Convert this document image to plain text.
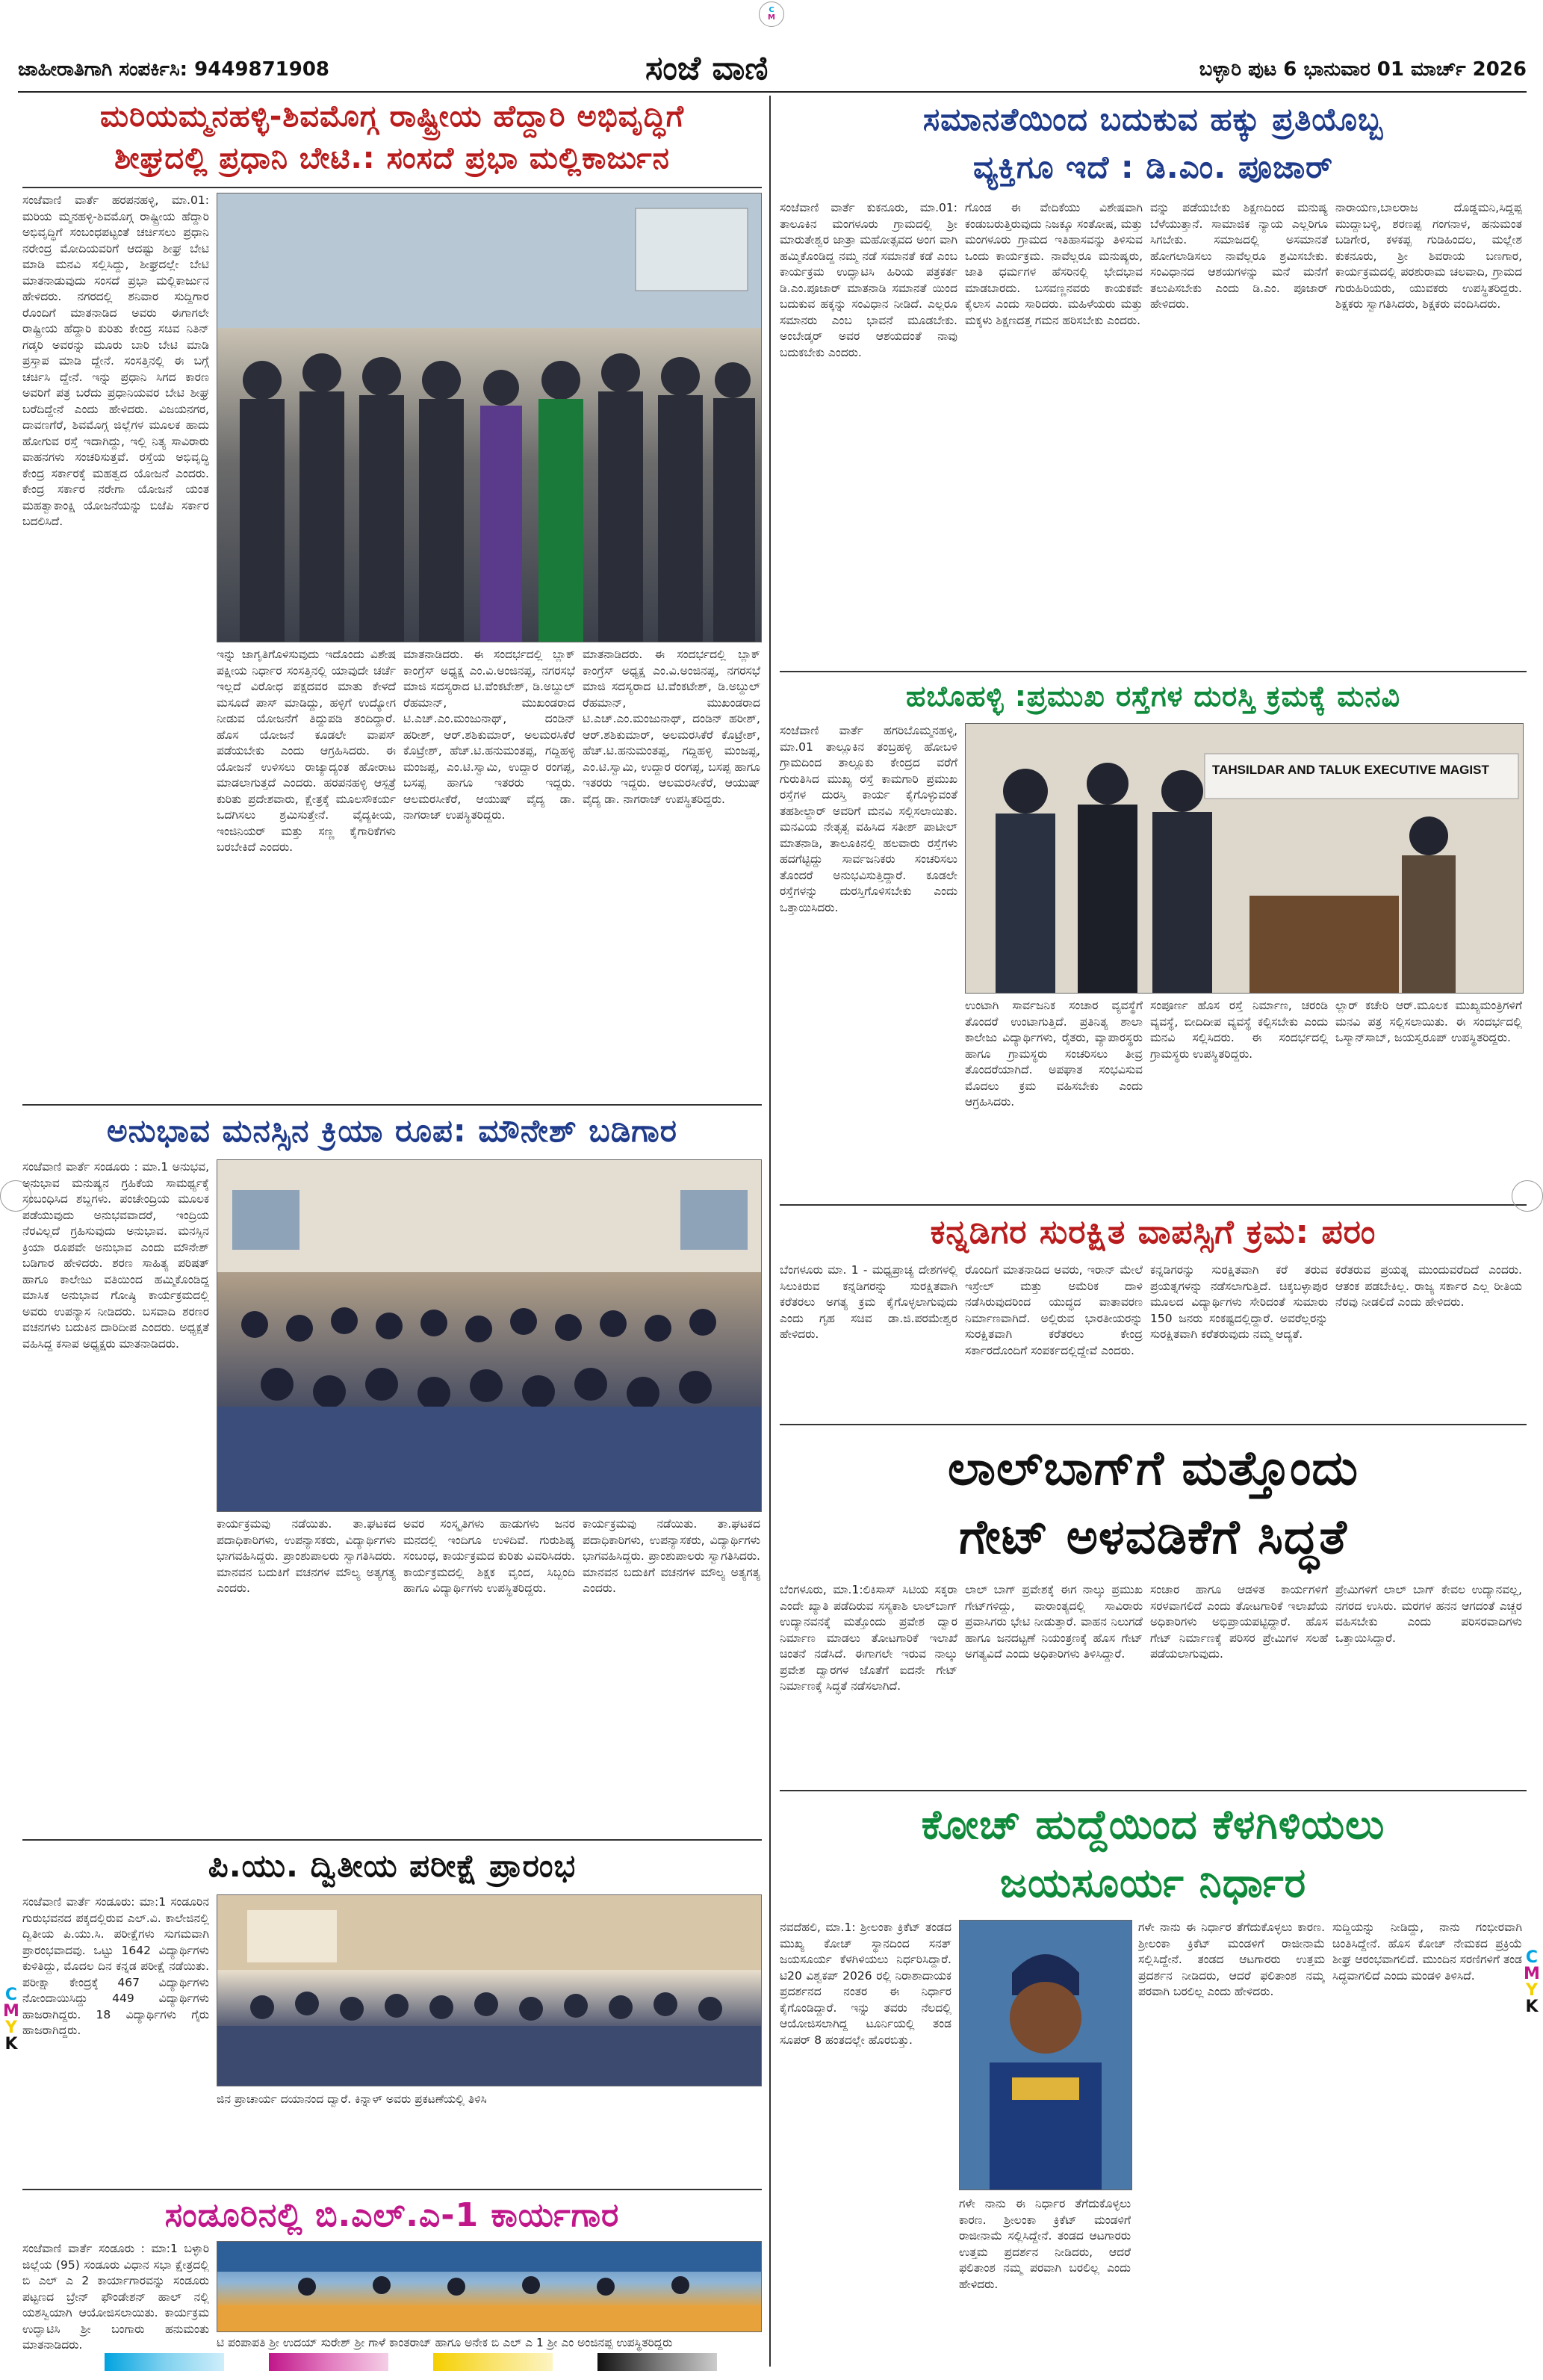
C
M
ಜಾಹೀರಾತಿಗಾಗಿ ಸಂಪರ್ಕಿಸಿ: 9449871908	ಸಂಜೆ ವಾಣಿ	ಬಳ್ಳಾರಿ ಪುಟ 6 ಭಾನುವಾರ 01 ಮಾರ್ಚ್ 2026
ಮರಿಯಮ್ಮನಹಳ್ಳಿ-ಶಿವಮೊಗ್ಗ ರಾಷ್ಟ್ರೀಯ ಹೆದ್ದಾರಿ ಅಭಿವೃದ್ಧಿಗೆ
ಶೀಘ್ರದಲ್ಲಿ ಪ್ರಧಾನಿ ಬೇಟಿ.: ಸಂಸದೆ ಪ್ರಭಾ ಮಲ್ಲಿಕಾರ್ಜುನ

ಸಂಜೆವಾಣಿ ವಾರ್ತೆ ಹರಪನಹಳ್ಳಿ, ಮಾ.01: ಮರಿಯ ಮ್ಮನಹಳ್ಳಿ-ಶಿವಮೊಗ್ಗ ರಾಷ್ಟ್ರೀಯ ಹೆದ್ದಾರಿ ಅಭಿವೃದ್ಧಿಗೆ ಸಂಬಂಧಪಟ್ಟಂತೆ ಚರ್ಚಿಸಲು ಪ್ರಧಾನಿ ನರೇಂದ್ರ ಮೋದಿಯವರಿಗೆ ಆದಷ್ಟು ಶೀಘ್ರ ಬೇಟಿ ಮಾಡಿ ಮನವಿ ಸಲ್ಲಿಸಿದ್ದು, ಶೀಘ್ರದಲ್ಲೇ ಬೇಟಿ ಮಾತನಾಡುವುದು ಸಂಸದೆ ಪ್ರಭಾ ಮಲ್ಲಿಕಾರ್ಜುನ ಹೇಳಿದರು. ನಗರದಲ್ಲಿ ಶನಿವಾರ ಸುದ್ದಿಗಾರ ರೊಂದಿಗೆ ಮಾತನಾಡಿದ ಅವರು ಈಗಾಗಲೇ ರಾಷ್ಟ್ರೀಯ ಹೆದ್ದಾರಿ ಕುರಿತು ಕೇಂದ್ರ ಸಚಿವ ನಿತಿನ್ ಗಡ್ಕರಿ ಅವರನ್ನು ಮೂರು ಬಾರಿ ಬೇಟಿ ಮಾಡಿ ಪ್ರಸ್ತಾಪ ಮಾಡಿ ದ್ದೇನೆ. ಸಂಸತ್ತಿನಲ್ಲಿ ಈ ಬಗ್ಗೆ ಚರ್ಚಿಸಿ ದ್ದೇನೆ. ಇನ್ನು ಪ್ರಧಾನಿ ಸಿಗದ ಕಾರಣ ಅವರಿಗೆ ಪತ್ರ ಬರೆದು ಪ್ರಧಾನಿಯವರ ಬೇಟಿ ಶೀಘ್ರ ಬರೆದಿದ್ದೇನೆ ಎಂದು ಹೇಳಿದರು. ವಿಜಯನಗರ, ದಾವಣಗೆರೆ, ಶಿವಮೊಗ್ಗ ಜಿಲ್ಲೆಗಳ ಮೂಲಕ ಹಾದು ಹೋಗುವ ರಸ್ತೆ ಇದಾಗಿದ್ದು, ಇಲ್ಲಿ ನಿತ್ಯ ಸಾವಿರಾರು ವಾಹನಗಳು ಸಂಚರಿಸುತ್ತವೆ. ರಸ್ತೆಯ ಅಭಿವೃದ್ಧಿ ಕೇಂದ್ರ ಸರ್ಕಾರಕ್ಕೆ ಮಹತ್ವದ ಯೋಜನೆ ಎಂದರು. ಕೇಂದ್ರ ಸರ್ಕಾರ ನರೇಗಾ ಯೋಜನೆ ಯಂತ ಮಹತ್ವಾಕಾಂಕ್ಷಿ ಯೋಜನೆಯನ್ನು ಬಿಜೆಪಿ ಸರ್ಕಾರ ಬದಲಿಸಿದೆ.

ಇನ್ನು ಜಾಗೃತಿಗೊಳಿಸುವುದು ಇದೊಂದು ವಿಶೇಷ ಪಕ್ಷೀಯ ನಿರ್ಧಾರ ಸಂಸತ್ತಿನಲ್ಲಿ ಯಾವುದೇ ಚರ್ಚೆ ಇಲ್ಲದೆ ವಿರೋಧ ಪಕ್ಷದವರ ಮಾತು ಕೇಳದೆ ಮಸೂದೆ ಪಾಸ್ ಮಾಡಿದ್ದು, ಹಳ್ಳಿಗೆ ಉದ್ಯೋಗ ನೀಡುವ ಯೋಜನೆಗೆ ತಿದ್ದುಪಡಿ ತಂದಿದ್ದಾರೆ. ಹೊಸ ಯೋಜನೆ ಕೂಡಲೇ ವಾಪಸ್ ಪಡೆಯಬೇಕು ಎಂದು ಆಗ್ರಹಿಸಿದರು. ಈ ಯೋಜನೆ ಉಳಿಸಲು ರಾಜ್ಯಾದ್ಯಂತ ಹೋರಾಟ ಮಾಡಲಾಗುತ್ತದೆ ಎಂದರು. ಹರಪನಹಳ್ಳಿ ಆಸ್ಪತ್ರೆ ಕುರಿತು ಪ್ರದೇಶವಾರು, ಕ್ಷೇತ್ರಕ್ಕೆ ಮೂಲಸೌಕರ್ಯ ಒದಗಿಸಲು ಶ್ರಮಿಸುತ್ತೇನೆ. ವೈದ್ಯಕೀಯ, ಇಂಜಿನಿಯರ್ ಮತ್ತು ಸಣ್ಣ ಕೈಗಾರಿಕೆಗಳು ಬರಬೇಕಿದೆ ಎಂದರು.

ಮಾತನಾಡಿದರು. ಈ ಸಂದರ್ಭದಲ್ಲಿ ಬ್ಲಾಕ್ ಕಾಂಗ್ರೆಸ್ ಅಧ್ಯಕ್ಷ ಎಂ.ವಿ.ಅಂಜಿನಪ್ಪ, ನಗರಸಭೆ ಮಾಜಿ ಸದಸ್ಯರಾದ ಟಿ.ವೆಂಕಟೇಶ್, ಡಿ.ಅಬ್ದುಲ್ ರೆಹಮಾನ್, ಮುಖಂಡರಾದ ಟಿ.ಎಚ್.ಎಂ.ಮಂಜುನಾಥ್, ದಂಡಿನ್ ಹರೀಶ್, ಆರ್.ಶಶಿಕುಮಾರ್, ಅಲಮರಸಿಕೆರೆ ಕೊಟ್ರೇಶ್, ಹೆಚ್.ಟಿ.ಹನುಮಂತಪ್ಪ, ಗದ್ದಿಹಳ್ಳಿ ಮಂಜಪ್ಪ, ಎಂ.ಟಿ.ಸ್ವಾಮಿ, ಉದ್ದಾರ ರಂಗಪ್ಪ, ಬಸಪ್ಪ ಹಾಗೂ ಇತರರು ಇದ್ದರು. ಆಲಮರಸೀಕೆರೆ, ಆಯುಷ್ ವೈದ್ಯ ಡಾ. ನಾಗರಾಜ್ ಉಪಸ್ಥಿತರಿದ್ದರು.

ಮಾತನಾಡಿದರು. ಈ ಸಂದರ್ಭದಲ್ಲಿ ಬ್ಲಾಕ್ ಕಾಂಗ್ರೆಸ್ ಅಧ್ಯಕ್ಷ ಎಂ.ವಿ.ಅಂಜಿನಪ್ಪ, ನಗರಸಭೆ ಮಾಜಿ ಸದಸ್ಯರಾದ ಟಿ.ವೆಂಕಟೇಶ್, ಡಿ.ಅಬ್ದುಲ್ ರೆಹಮಾನ್, ಮುಖಂಡರಾದ ಟಿ.ಎಚ್.ಎಂ.ಮಂಜುನಾಥ್, ದಂಡಿನ್ ಹರೀಶ್, ಆರ್.ಶಶಿಕುಮಾರ್, ಅಲಮರಸಿಕೆರೆ ಕೊಟ್ರೇಶ್, ಹೆಚ್.ಟಿ.ಹನುಮಂತಪ್ಪ, ಗದ್ದಿಹಳ್ಳಿ ಮಂಜಪ್ಪ, ಎಂ.ಟಿ.ಸ್ವಾಮಿ, ಉದ್ದಾರ ರಂಗಪ್ಪ, ಬಸಪ್ಪ ಹಾಗೂ ಇತರರು ಇದ್ದರು. ಆಲಮರಸೀಕೆರೆ, ಆಯುಷ್ ವೈದ್ಯ ಡಾ. ನಾಗರಾಜ್ ಉಪಸ್ಥಿತರಿದ್ದರು.

ಅನುಭಾವ ಮನಸ್ಸಿನ ಕ್ರಿಯಾ ರೂಪ: ಮೌನೇಶ್ ಬಡಿಗಾರ

ಸಂಜೆವಾಣಿ ವಾರ್ತೆ ಸಂಡೂರು : ಮಾ.1 ಅನುಭವ, ಅನುಭಾವ ಮನುಷ್ಯನ ಗ್ರಹಿಕೆಯ ಸಾಮರ್ಥ್ಯಕ್ಕೆ ಸಂಬಂಧಿಸಿದ ಶಬ್ದಗಳು. ಪಂಚೇಂದ್ರಿಯ ಮೂಲಕ ಪಡೆಯುವುದು ಅನುಭವವಾದರೆ, ಇಂದ್ರಿಯ ನೆರವಿಲ್ಲದೆ ಗ್ರಹಿಸುವುದು ಅನುಭಾವ. ಮನಸ್ಸಿನ ಕ್ರಿಯಾ ರೂಪವೇ ಅನುಭಾವ ಎಂದು ಮೌನೇಶ್ ಬಡಿಗಾರ ಹೇಳಿದರು. ಶರಣ ಸಾಹಿತ್ಯ ಪರಿಷತ್ ಹಾಗೂ ಕಾಲೇಜು ವತಿಯಿಂದ ಹಮ್ಮಿಕೊಂಡಿದ್ದ ಮಾಸಿಕ ಅನುಭಾವ ಗೋಷ್ಠಿ ಕಾರ್ಯಕ್ರಮದಲ್ಲಿ ಅವರು ಉಪನ್ಯಾಸ ನೀಡಿದರು. ಬಸವಾದಿ ಶರಣರ ವಚನಗಳು ಬದುಕಿನ ದಾರಿದೀಪ ಎಂದರು. ಅಧ್ಯಕ್ಷತೆ ವಹಿಸಿದ್ದ ಕಸಾಪ ಅಧ್ಯಕ್ಷರು ಮಾತನಾಡಿದರು.

ಕಾರ್ಯಕ್ರಮವು ನಡೆಯಿತು. ತಾ.ಘಟಕದ ಪದಾಧಿಕಾರಿಗಳು, ಉಪನ್ಯಾಸಕರು, ವಿದ್ಯಾರ್ಥಿಗಳು ಭಾಗವಹಿಸಿದ್ದರು. ಪ್ರಾಂಶುಪಾಲರು ಸ್ವಾಗತಿಸಿದರು. ಮಾನವನ ಬದುಕಿಗೆ ವಚನಗಳ ಮೌಲ್ಯ ಅತ್ಯಗತ್ಯ ಎಂದರು.

ಅವರ ಸಂಸ್ಕೃತಿಗಳು ಹಾಡುಗಳು ಜನರ ಮನದಲ್ಲಿ ಇಂದಿಗೂ ಉಳಿದಿವೆ. ಗುರುಶಿಷ್ಯ ಸಂಬಂಧ, ಕಾರ್ಯಕ್ರಮದ ಕುರಿತು ವಿವರಿಸಿದರು. ಕಾರ್ಯಕ್ರಮದಲ್ಲಿ ಶಿಕ್ಷಕ ವೃಂದ, ಸಿಬ್ಬಂದಿ ಹಾಗೂ ವಿದ್ಯಾರ್ಥಿಗಳು ಉಪಸ್ಥಿತರಿದ್ದರು.

ಕಾರ್ಯಕ್ರಮವು ನಡೆಯಿತು. ತಾ.ಘಟಕದ ಪದಾಧಿಕಾರಿಗಳು, ಉಪನ್ಯಾಸಕರು, ವಿದ್ಯಾರ್ಥಿಗಳು ಭಾಗವಹಿಸಿದ್ದರು. ಪ್ರಾಂಶುಪಾಲರು ಸ್ವಾಗತಿಸಿದರು. ಮಾನವನ ಬದುಕಿಗೆ ವಚನಗಳ ಮೌಲ್ಯ ಅತ್ಯಗತ್ಯ ಎಂದರು.

ಪಿ.ಯು. ದ್ವಿತೀಯ ಪರೀಕ್ಷೆ ಪ್ರಾರಂಭ

ಸಂಜೆವಾಣಿ ವಾರ್ತೆ ಸಂಡೂರು: ಮಾ:1 ಸಂಡೂರಿನ ಗುರುಭವನದ ಪಕ್ಕದಲ್ಲಿರುವ ಎಲ್.ವಿ. ಕಾಲೇಜಿನಲ್ಲಿ ದ್ವಿತೀಯ ಪಿ.ಯು.ಸಿ. ಪರೀಕ್ಷೆಗಳು ಸುಗಮವಾಗಿ ಪ್ರಾರಂಭವಾದವು. ಒಟ್ಟು 1642 ವಿದ್ಯಾರ್ಥಿಗಳು ಕುಳಿತಿದ್ದು, ಮೊದಲ ದಿನ ಕನ್ನಡ ಪರೀಕ್ಷೆ ನಡೆಯಿತು. ಪರೀಕ್ಷಾ ಕೇಂದ್ರಕ್ಕೆ 467 ವಿದ್ಯಾರ್ಥಿಗಳು ನೋಂದಾಯಿಸಿದ್ದು 449 ವಿದ್ಯಾರ್ಥಿಗಳು ಹಾಜರಾಗಿದ್ದರು. 18 ವಿದ್ಯಾರ್ಥಿಗಳು ಗೈರು ಹಾಜರಾಗಿದ್ದರು.

ಜಿನ ಪ್ರಾಚಾರ್ಯ ದಯಾನಂದ ದ್ವಾರೆ. ಕಿನ್ನಾಳ್ ಅವರು ಪ್ರಕಟಣೆಯಲ್ಲಿ ತಿಳಿಸಿ

ಸಂಡೂರಿನಲ್ಲಿ ಬಿ.ಎಲ್.ಎ-1 ಕಾರ್ಯಗಾರ

ಸಂಜೆವಾಣಿ ವಾರ್ತೆ ಸಂಡೂರು : ಮಾ:1 ಬಳ್ಳಾರಿ ಜಿಲ್ಲೆಯ (95) ಸಂಡೂರು ವಿಧಾನ ಸಭಾ ಕ್ಷೇತ್ರದಲ್ಲಿ ಬಿ ಎಲ್ ಎ 2 ಕಾರ್ಯಾಗಾರವನ್ನು ಸಂಡೂರು ಪಟ್ಟಣದ ಬ್ರೇನ್ ಫೌಂಡೇಶನ್ ಹಾಲ್ ನಲ್ಲಿ ಯಶಸ್ವಿಯಾಗಿ ಆಯೋಜಿಸಲಾಯಿತು. ಕಾರ್ಯಕ್ರಮ ಉದ್ಘಾಟಿಸಿ ಶ್ರೀ ಬಂಗಾರು ಹನುಮಂತು ಮಾತನಾಡಿದರು.	ಟಿ ಪಂಪಾಪತಿ ಶ್ರೀ ಉದಯ್ ಸುರೇಶ್ ಶ್ರೀ ಗಾಳೆ ಕಾಂತರಾಜ್ ಹಾಗೂ ಅನೇಕ ಬಿ ಎಲ್ ಎ 1 ಶ್ರೀ ಎಂ ಅಂಜಿನಪ್ಪ ಉಪಸ್ಥಿತರಿದ್ದರು

ಸಮಾನತೆಯಿಂದ ಬದುಕುವ ಹಕ್ಕು ಪ್ರತಿಯೊಬ್ಬ
ವ್ಯಕ್ತಿಗೂ ಇದೆ : ಡಿ.ಎಂ. ಪೂಜಾರ್

ಸಂಜೆವಾಣಿ ವಾರ್ತೆ ಕುಕನೂರು, ಮಾ.01: ತಾಲೂಕಿನ ಮಂಗಳೂರು ಗ್ರಾಮದಲ್ಲಿ ಶ್ರೀ ಮಾರುತೇಶ್ವರ ಜಾತ್ರಾ ಮಹೋತ್ಸವದ ಅಂಗ ವಾಗಿ ಹಮ್ಮಿಕೊಂಡಿದ್ದ ನಮ್ಮ ನಡೆ ಸಮಾನತೆ ಕಡೆ ಎಂಬ ಕಾರ್ಯಕ್ರಮ ಉದ್ಘಾಟಿಸಿ ಹಿರಿಯ ಪತ್ರಕರ್ತ ಡಿ.ಎಂ.ಪೂಜಾರ್ ಮಾತನಾಡಿ ಸಮಾನತೆ ಯಿಂದ ಬದುಕುವ ಹಕ್ಕನ್ನು ಸಂವಿಧಾನ ನೀಡಿದೆ. ಎಲ್ಲರೂ ಸಮಾನರು ಎಂಬ ಭಾವನೆ ಮೂಡಬೇಕು. ಅಂಬೇಡ್ಕರ್ ಅವರ ಆಶಯದಂತೆ ನಾವು ಬದುಕಬೇಕು ಎಂದರು.

ಗೊಂಡ ಈ ವೇದಿಕೆಯು ವಿಶೇಷವಾಗಿ ಕಂಡುಬರುತ್ತಿರುವುದು ನಿಜಕ್ಕೂ ಸಂತೋಷ, ಮತ್ತು ಮಂಗಳೂರು ಗ್ರಾಮದ ಇತಿಹಾಸವನ್ನು ತಿಳಿಸುವ ಒಂದು ಕಾರ್ಯಕ್ರಮ. ನಾವೆಲ್ಲರೂ ಮನುಷ್ಯರು, ಜಾತಿ ಧರ್ಮಗಳ ಹೆಸರಿನಲ್ಲಿ ಭೇದಭಾವ ಮಾಡಬಾರದು. ಬಸವಣ್ಣನವರು ಕಾಯಕವೇ ಕೈಲಾಸ ಎಂದು ಸಾರಿದರು. ಮಹಿಳೆಯರು ಮತ್ತು ಮಕ್ಕಳು ಶಿಕ್ಷಣದತ್ತ ಗಮನ ಹರಿಸಬೇಕು ಎಂದರು.

ವನ್ನು ಪಡೆಯಬೇಕು ಶಿಕ್ಷಣದಿಂದ ಮನುಷ್ಯ ಬೆಳೆಯುತ್ತಾನೆ. ಸಾಮಾಜಿಕ ನ್ಯಾಯ ಎಲ್ಲರಿಗೂ ಸಿಗಬೇಕು. ಸಮಾಜದಲ್ಲಿ ಅಸಮಾನತೆ ಹೋಗಲಾಡಿಸಲು ನಾವೆಲ್ಲರೂ ಶ್ರಮಿಸಬೇಕು. ಸಂವಿಧಾನದ ಆಶಯಗಳನ್ನು ಮನೆ ಮನೆಗೆ ತಲುಪಿಸಬೇಕು ಎಂದು ಡಿ.ಎಂ. ಪೂಜಾರ್ ಹೇಳಿದರು.

ನಾರಾಯಣ,ಬಾಲರಾಜ ದೊಡ್ಡಮನಿ,ಸಿದ್ದಪ್ಪ ಮುದ್ದಾಬಳ್ಳಿ, ಶರಣಪ್ಪ ಗಂಗನಾಳ, ಹನುಮಂತ ಬಡಿಗೇರ, ಕಳಕಪ್ಪ ಗುಡಿಹಿಂದಲ, ಮಲ್ಲೇಶ ಕುಕನೂರು, ಶ್ರೀ ಶಿವರಾಯ ಬಣಗಾರ, ಕಾರ್ಯಕ್ರಮದಲ್ಲಿ ಪರಶುರಾಮ ಚಲವಾದಿ, ಗ್ರಾಮದ ಗುರುಹಿರಿಯರು, ಯುವಕರು ಉಪಸ್ಥಿತರಿದ್ದರು. ಶಿಕ್ಷಕರು ಸ್ವಾಗತಿಸಿದರು, ಶಿಕ್ಷಕರು ವಂದಿಸಿದರು.

ಹಬೊಹಳ್ಳಿ :ಪ್ರಮುಖ ರಸ್ತೆಗಳ ದುರಸ್ತಿ ಕ್ರಮಕ್ಕೆ ಮನವಿ

ಸಂಜೆವಾಣಿ ವಾರ್ತೆ ಹಗರಿಬೊಮ್ಮನಹಳ್ಳಿ, ಮಾ.01 ತಾಲ್ಲೂಕಿನ ತಂಬ್ರಹಳ್ಳಿ ಹೋಬಳಿ ಗ್ರಾಮದಿಂದ ತಾಲ್ಲೂಕು ಕೇಂದ್ರದ ವರೆಗೆ ಗುರುತಿಸಿದ ಮುಖ್ಯ ರಸ್ತೆ ಕಾಮಗಾರಿ ಪ್ರಮುಖ ರಸ್ತೆಗಳ ದುರಸ್ತಿ ಕಾರ್ಯ ಕೈಗೊಳ್ಳುವಂತೆ ತಹಶೀಲ್ದಾರ್ ಅವರಿಗೆ ಮನವಿ ಸಲ್ಲಿಸಲಾಯಿತು. ಮನವಿಯ ನೇತೃತ್ವ ವಹಿಸಿದ ಸತೀಶ್ ಪಾಟೀಲ್ ಮಾತನಾಡಿ, ತಾಲೂಕಿನಲ್ಲಿ ಹಲವಾರು ರಸ್ತೆಗಳು ಹದಗೆಟ್ಟಿದ್ದು ಸಾರ್ವಜನಿಕರು ಸಂಚರಿಸಲು ತೊಂದರೆ ಅನುಭವಿಸುತ್ತಿದ್ದಾರೆ. ಕೂಡಲೇ ರಸ್ತೆಗಳನ್ನು ದುರಸ್ತಿಗೊಳಿಸಬೇಕು ಎಂದು ಒತ್ತಾಯಿಸಿದರು.

TAHSILDAR AND TALUK EXECUTIVE MAGIST

ಉಂಟಾಗಿ ಸಾರ್ವಜನಿಕ ಸಂಚಾರ ವ್ಯವಸ್ಥೆಗೆ ತೊಂದರೆ ಉಂಟಾಗುತ್ತಿದೆ. ಪ್ರತಿನಿತ್ಯ ಶಾಲಾ ಕಾಲೇಜು ವಿದ್ಯಾರ್ಥಿಗಳು, ರೈತರು, ವ್ಯಾಪಾರಸ್ಥರು ಹಾಗೂ ಗ್ರಾಮಸ್ಥರು ಸಂಚರಿಸಲು ತೀವ್ರ ತೊಂದರೆಯಾಗಿದೆ. ಅಪಘಾತ ಸಂಭವಿಸುವ ಮೊದಲು ಕ್ರಮ ವಹಿಸಬೇಕು ಎಂದು ಆಗ್ರಹಿಸಿದರು.

ಸಂಪೂರ್ಣ ಹೊಸ ರಸ್ತೆ ನಿರ್ಮಾಣ, ಚರಂಡಿ ವ್ಯವಸ್ಥೆ, ಬೀದಿದೀಪ ವ್ಯವಸ್ಥೆ ಕಲ್ಪಿಸಬೇಕು ಎಂದು ಮನವಿ ಸಲ್ಲಿಸಿದರು. ಈ ಸಂದರ್ಭದಲ್ಲಿ ಗ್ರಾಮಸ್ಥರು ಉಪಸ್ಥಿತರಿದ್ದರು.

ಲ್ಲಾರ್ ಕಚೇರಿ ಆರ್.ಮೂಲಕ ಮುಖ್ಯಮಂತ್ರಿಗಳಿಗೆ ಮನವಿ ಪತ್ರ ಸಲ್ಲಿಸಲಾಯಿತು. ಈ ಸಂದರ್ಭದಲ್ಲಿ ಒಸ್ಮಾನ್‌ಸಾಬ್, ಜಯಸ್ವರೂಪ್ ಉಪಸ್ಥಿತರಿದ್ದರು.

ಕನ್ನಡಿಗರ ಸುರಕ್ಷಿತ ವಾಪಸ್ಸಿಗೆ ಕ್ರಮ: ಪರಂ

ಬೆಂಗಳೂರು ಮಾ. 1 - ಮಧ್ಯಪ್ರಾಚ್ಯ ದೇಶಗಳಲ್ಲಿ ಸಿಲುಕಿರುವ ಕನ್ನಡಿಗರನ್ನು ಸುರಕ್ಷಿತವಾಗಿ ಕರೆತರಲು ಅಗತ್ಯ ಕ್ರಮ ಕೈಗೊಳ್ಳಲಾಗುವುದು ಎಂದು ಗೃಹ ಸಚಿವ ಡಾ.ಜಿ.ಪರಮೇಶ್ವರ ಹೇಳಿದರು.

ರೊಂದಿಗೆ ಮಾತನಾಡಿದ ಅವರು, ಇರಾನ್ ಮೇಲೆ ಇಸ್ರೇಲ್ ಮತ್ತು ಅಮೆರಿಕ ದಾಳಿ ನಡೆಸಿರುವುದರಿಂದ ಯುದ್ಧದ ವಾತಾವರಣ ನಿರ್ಮಾಣವಾಗಿದೆ. ಅಲ್ಲಿರುವ ಭಾರತೀಯರನ್ನು ಸುರಕ್ಷಿತವಾಗಿ ಕರೆತರಲು ಕೇಂದ್ರ ಸರ್ಕಾರದೊಂದಿಗೆ ಸಂಪರ್ಕದಲ್ಲಿದ್ದೇವೆ ಎಂದರು.

ಕನ್ನಡಿಗರನ್ನು ಸುರಕ್ಷಿತವಾಗಿ ಕರೆ ತರುವ ಪ್ರಯತ್ನಗಳನ್ನು ನಡೆಸಲಾಗುತ್ತಿದೆ. ಚಿಕ್ಕಬಳ್ಳಾಪುರ ಮೂಲದ ವಿದ್ಯಾರ್ಥಿಗಳು ಸೇರಿದಂತೆ ಸುಮಾರು 150 ಜನರು ಸಂಕಷ್ಟದಲ್ಲಿದ್ದಾರೆ. ಅವರೆಲ್ಲರನ್ನು ಸುರಕ್ಷಿತವಾಗಿ ಕರೆತರುವುದು ನಮ್ಮ ಆದ್ಯತೆ.

ಕರೆತರುವ ಪ್ರಯತ್ನ ಮುಂದುವರೆದಿದೆ ಎಂದರು. ಆತಂಕ ಪಡಬೇಕಿಲ್ಲ. ರಾಜ್ಯ ಸರ್ಕಾರ ಎಲ್ಲ ರೀತಿಯ ನೆರವು ನೀಡಲಿದೆ ಎಂದು ಹೇಳಿದರು.

ಲಾಲ್‌ಬಾಗ್‌ಗೆ ಮತ್ತೊಂದು
ಗೇಟ್ ಅಳವಡಿಕೆಗೆ ಸಿದ್ಧತೆ

ಬೆಂಗಳೂರು, ಮಾ.1:ಲಿಕಿಸಾಸ್ ಸಿಟಿಯ ಸಕ್ಕರಾ ಎಂದೇ ಖ್ಯಾತಿ ಪಡೆದಿರುವ ಸಸ್ಯಕಾಶಿ ಲಾಲ್‌ಬಾಗ್ ಉದ್ಯಾನವನಕ್ಕೆ ಮತ್ತೊಂದು ಪ್ರವೇಶ ದ್ವಾರ ನಿರ್ಮಾಣ ಮಾಡಲು ತೋಟಗಾರಿಕೆ ಇಲಾಖೆ ಚಿಂತನೆ ನಡೆಸಿದೆ. ಈಗಾಗಲೇ ಇರುವ ನಾಲ್ಕು ಪ್ರವೇಶ ದ್ವಾರಗಳ ಜೊತೆಗೆ ಐದನೇ ಗೇಟ್ ನಿರ್ಮಾಣಕ್ಕೆ ಸಿದ್ಧತೆ ನಡೆಸಲಾಗಿದೆ.

ಲಾಲ್ ಬಾಗ್ ಪ್ರವೇಶಕ್ಕೆ ಈಗ ನಾಲ್ಕು ಪ್ರಮುಖ ಗೇಟ್‌ಗಳಿದ್ದು, ವಾರಾಂತ್ಯದಲ್ಲಿ ಸಾವಿರಾರು ಪ್ರವಾಸಿಗರು ಭೇಟಿ ನೀಡುತ್ತಾರೆ. ವಾಹನ ನಿಲುಗಡೆ ಹಾಗೂ ಜನದಟ್ಟಣೆ ನಿಯಂತ್ರಣಕ್ಕೆ ಹೊಸ ಗೇಟ್ ಅಗತ್ಯವಿದೆ ಎಂದು ಅಧಿಕಾರಿಗಳು ತಿಳಿಸಿದ್ದಾರೆ.

ಸಂಚಾರ ಹಾಗೂ ಆಡಳಿತ ಕಾರ್ಯಗಳಿಗೆ ಸರಳವಾಗಲಿದೆ ಎಂದು ತೋಟಗಾರಿಕೆ ಇಲಾಖೆಯ ಅಧಿಕಾರಿಗಳು ಅಭಿಪ್ರಾಯಪಟ್ಟಿದ್ದಾರೆ. ಹೊಸ ಗೇಟ್ ನಿರ್ಮಾಣಕ್ಕೆ ಪರಿಸರ ಪ್ರೇಮಿಗಳ ಸಲಹೆ ಪಡೆಯಲಾಗುವುದು.

ಪ್ರೇಮಿಗಳಿಗೆ ಲಾಲ್ ಬಾಗ್ ಕೇವಲ ಉದ್ಯಾನವಲ್ಲ, ನಗರದ ಉಸಿರು. ಮರಗಳ ಹನನ ಆಗದಂತೆ ಎಚ್ಚರ ವಹಿಸಬೇಕು ಎಂದು ಪರಿಸರವಾದಿಗಳು ಒತ್ತಾಯಿಸಿದ್ದಾರೆ.

ಕೋಚ್ ಹುದ್ದೆಯಿಂದ ಕೆಳಗಿಳಿಯಲು
ಜಯಸೂರ್ಯ ನಿರ್ಧಾರ

ನವದೆಹಲಿ, ಮಾ.1: ಶ್ರೀಲಂಕಾ ಕ್ರಿಕೆಟ್ ತಂಡದ ಮುಖ್ಯ ಕೋಚ್ ಸ್ಥಾನದಿಂದ ಸನತ್ ಜಯಸೂರ್ಯ ಕೆಳಗಿಳಿಯಲು ನಿರ್ಧರಿಸಿದ್ದಾರೆ. ಟಿ20 ವಿಶ್ವಕಪ್ 2026 ರಲ್ಲಿ ನಿರಾಶಾದಾಯಕ ಪ್ರದರ್ಶನದ ನಂತರ ಈ ನಿರ್ಧಾರ ಕೈಗೊಂಡಿದ್ದಾರೆ. ಇನ್ನು ತವರು ನೆಲದಲ್ಲಿ ಆಯೋಜಿಸಲಾಗಿದ್ದ ಟೂರ್ನಿಯಲ್ಲಿ ತಂಡ ಸೂಪರ್ 8 ಹಂತದಲ್ಲೇ ಹೊರಬಿತ್ತು.

ಗಳೇ ನಾನು ಈ ನಿರ್ಧಾರ ತೆಗೆದುಕೊಳ್ಳಲು ಕಾರಣ. ಶ್ರೀಲಂಕಾ ಕ್ರಿಕೆಟ್ ಮಂಡಳಿಗೆ ರಾಜೀನಾಮೆ ಸಲ್ಲಿಸಿದ್ದೇನೆ. ತಂಡದ ಆಟಗಾರರು ಉತ್ತಮ ಪ್ರದರ್ಶನ ನೀಡಿದರು, ಆದರೆ ಫಲಿತಾಂಶ ನಮ್ಮ ಪರವಾಗಿ ಬರಲಿಲ್ಲ ಎಂದು ಹೇಳಿದರು.

ಸುದ್ದಿಯನ್ನು ನೀಡಿದ್ದು, ನಾನು ಗಂಭೀರವಾಗಿ ಚಿಂತಿಸಿದ್ದೇನೆ. ಹೊಸ ಕೋಚ್ ನೇಮಕದ ಪ್ರಕ್ರಿಯೆ ಶೀಘ್ರ ಆರಂಭವಾಗಲಿದೆ. ಮುಂದಿನ ಸರಣಿಗಳಿಗೆ ತಂಡ ಸಿದ್ಧವಾಗಲಿದೆ ಎಂದು ಮಂಡಳಿ ತಿಳಿಸಿದೆ.

ಗಳೇ ನಾನು ಈ ನಿರ್ಧಾರ ತೆಗೆದುಕೊಳ್ಳಲು ಕಾರಣ. ಶ್ರೀಲಂಕಾ ಕ್ರಿಕೆಟ್ ಮಂಡಳಿಗೆ ರಾಜೀನಾಮೆ ಸಲ್ಲಿಸಿದ್ದೇನೆ. ತಂಡದ ಆಟಗಾರರು ಉತ್ತಮ ಪ್ರದರ್ಶನ ನೀಡಿದರು, ಆದರೆ ಫಲಿತಾಂಶ ನಮ್ಮ ಪರವಾಗಿ ಬರಲಿಲ್ಲ ಎಂದು ಹೇಳಿದರು.

C
M
Y
K
C
M
Y
K
